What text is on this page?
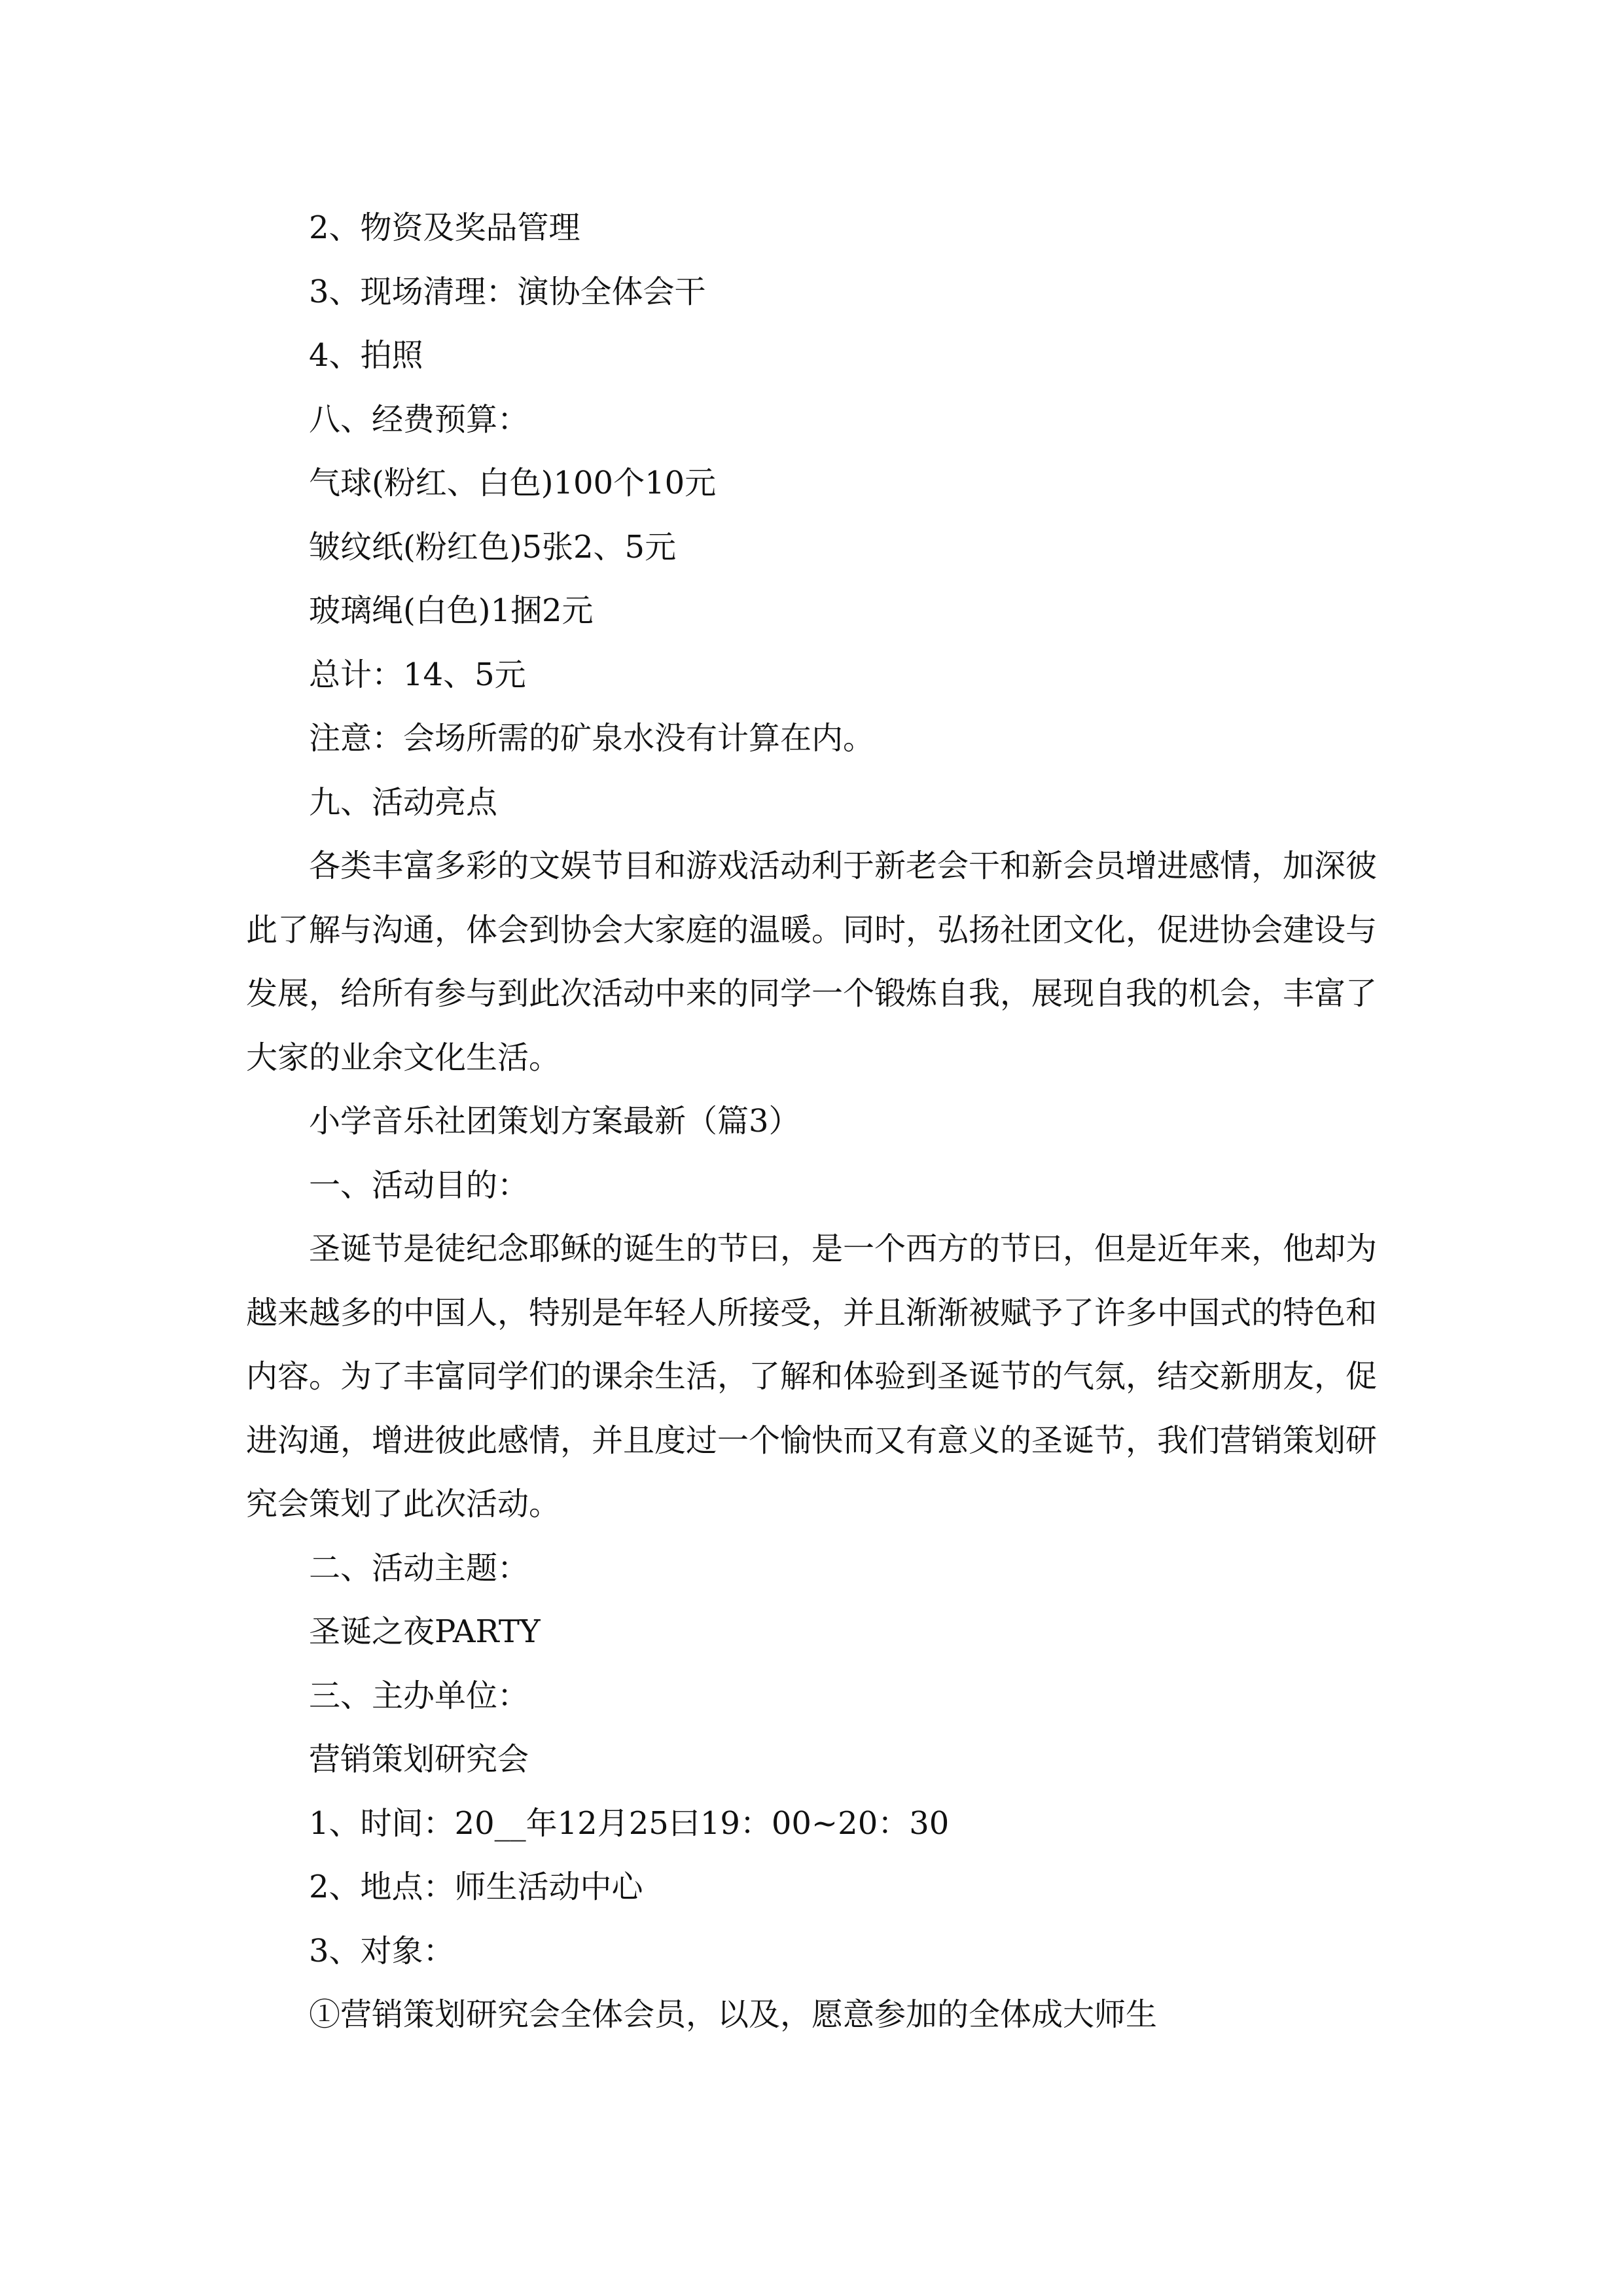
2、物资及奖品管理

3、现场清理：演协全体会干

4、拍照

八、经费预算：

气球(粉红、白色)100个10元

皱纹纸(粉红色)5张2、5元

玻璃绳(白色)1捆2元

总计：14、5元

注意：会场所需的矿泉水没有计算在内。

九、活动亮点

各类丰富多彩的文娱节目和游戏活动利于新老会干和新会员增进感情，加深彼此了解与沟通，体会到协会大家庭的温暖。同时，弘扬社团文化，促进协会建设与发展，给所有参与到此次活动中来的同学一个锻炼自我，展现自我的机会，丰富了大家的业余文化生活。

小学音乐社团策划方案最新（篇3）

一、活动目的：

圣诞节是徒纪念耶稣的诞生的节曰，是一个西方的节曰，但是近年来，他却为越来越多的中国人，特别是年轻人所接受，并且渐渐被赋予了许多中国式的特色和内容。为了丰富同学们的课余生活，了解和体验到圣诞节的气氛，结交新朋友，促进沟通，增进彼此感情，并且度过一个愉快而又有意义的圣诞节，我们营销策划研究会策划了此次活动。

二、活动主题：

圣诞之夜PARTY

三、主办单位：

营销策划研究会

1、时间：20__年12月25曰19：00~20：30

2、地点：师生活动中心

3、对象：

①营销策划研究会全体会员，以及，愿意参加的全体成大师生
